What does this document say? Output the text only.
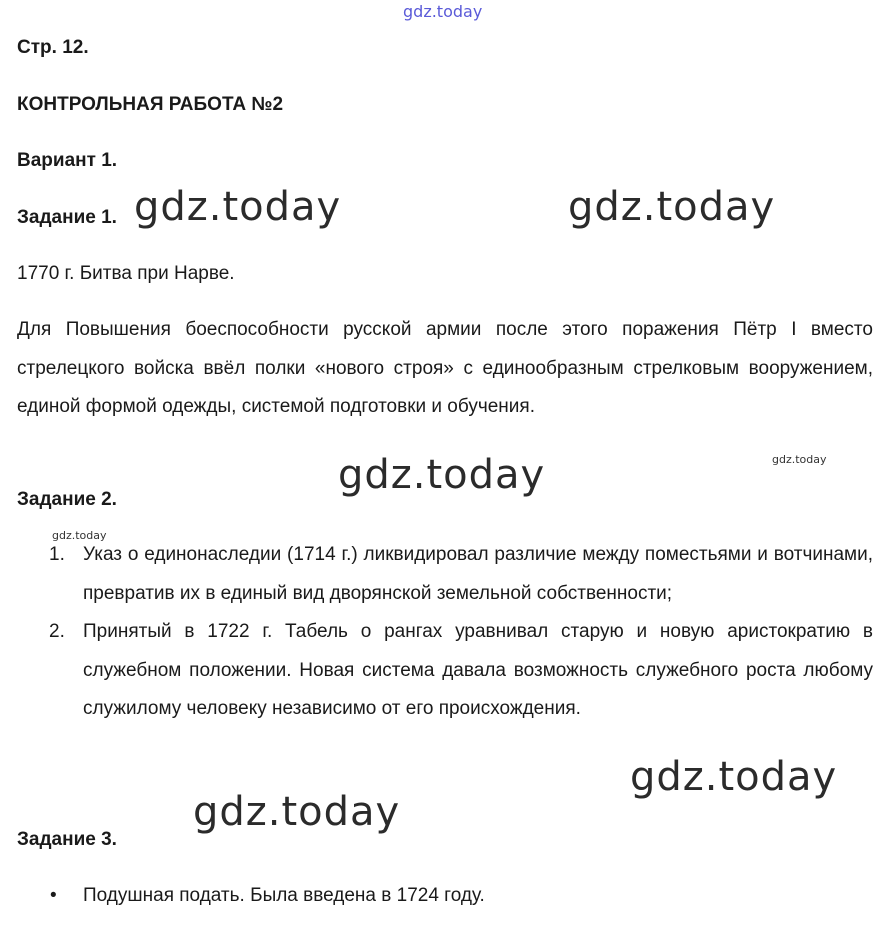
gdz.today
Стр. 12.
КОНТРОЛЬНАЯ РАБОТА №2
Вариант 1.
Задание 1. gdz.today	gdz.today
1770 г. Битва при Нарве.
Для Повышения боеспособности русской армии после этого поражения Пётр I вместо стрелецкого войска ввёл полки «нового строя» с единообразным стрелковым вооружением, единой формой одежды, системой подготовки и обучения.
gdz.today	gdz.today
Задание 2.
gdz.today
1. Указ о единонаследии (1714 г.) ликвидировал различие между поместьями и вотчинами, превратив их в единый вид дворянской земельной собственности;
2. Принятый в 1722 г. Табель о рангах уравнивал старую и новую аристократию в служебном положении. Новая система давала возможность служебного роста любому служилому человеку независимо от его происхождения.
gdz.today
gdz.today
Задание 3.
• Подушная подать. Была введена в 1724 году.
